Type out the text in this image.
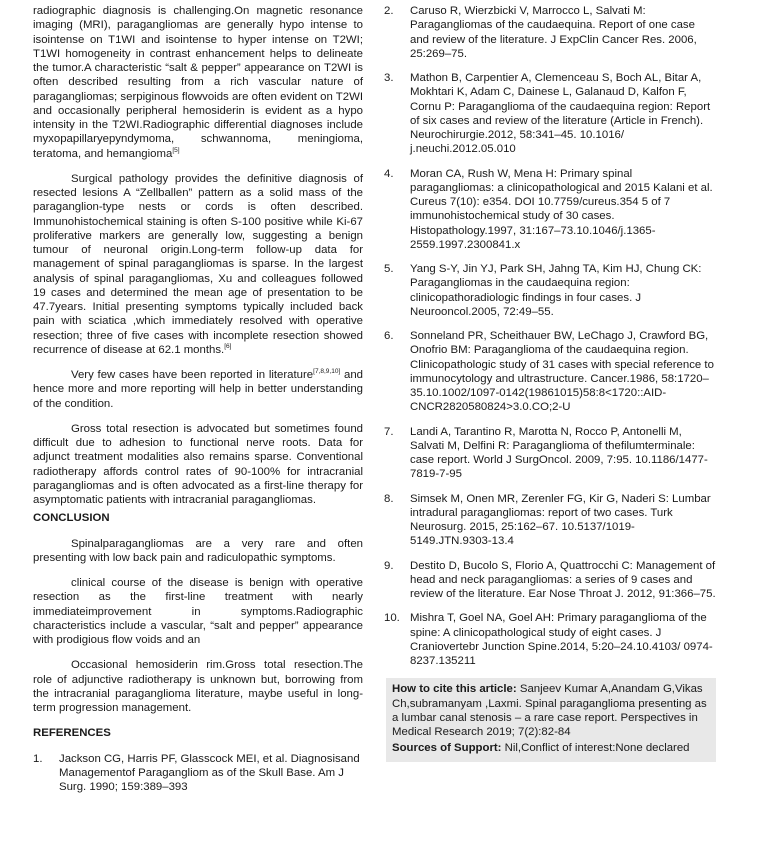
radiographic diagnosis is challenging.On magnetic resonance imaging (MRI), paragangliomas are generally hypo intense to isointense on T1WI and isointense to hyper intense on T2WI; T1WI homogeneity in contrast enhancement helps to delineate the tumor.A characteristic “salt & pepper” appearance on T2WI is often described resulting from a rich vascular nature of paragangliomas; serpiginous flowvoids are often evident on T2WI and occasionally peripheral hemosiderin is evident as a hypo intensity in the T2WI.Radiographic differential diagnoses include myxopapillaryepyndymoma, schwannoma, meningioma, teratoma, and hemangioma[5]

Surgical pathology provides the definitive diagnosis of resected lesions A “Zellballen” pattern as a solid mass of the paraganglion-type nests or cords is often described. Immunohistochemical staining is often S-100 positive while Ki-67 proliferative markers are generally low, suggesting a benign tumour of neuronal origin.Long-term follow-up data for management of spinal paragangliomas is sparse. In the largest analysis of spinal paragangliomas, Xu and colleagues followed 19 cases and determined the mean age of presentation to be 47.7years. Initial presenting symptoms typically included back pain with sciatica ,which immediately resolved with operative resection; three of five cases with incomplete resection showed recurrence of disease at 62.1 months.[6]

Very few cases have been reported in literature[7,8,9,10] and hence more and more reporting will help in better understanding of the condition.

Gross total resection is advocated but sometimes found difficult due to adhesion to functional nerve roots. Data for adjunct treatment modalities also remains sparse. Conventional radiotherapy affords control rates of 90-100% for intracranial paragangliomas and is often advocated as a first-line therapy for asymptomatic patients with intracranial paragangliomas.

CONCLUSION

Spinalparagangliomas are a very rare and often presenting with low back pain and radiculopathic symptoms.

clinical course of the disease is benign with operative resection as the first-line treatment with nearly immediateimprovement in symptoms.Radiographic characteristics include a vascular, “salt and pepper” appearance with prodigious flow voids and an

Occasional hemosiderin rim.Gross total resection.The role of adjunctive radiotherapy is unknown but, borrowing from the intracranial paraganglioma literature, maybe useful in long-term progression management.

REFERENCES

1.	Jackson CG, Harris PF, Glasscock MEI, et al. Diagnosisand Managementof Paragangliom as of the Skull Base. Am J Surg. 1990; 159:389–393
2.	Caruso R, Wierzbicki V, Marrocco L, Salvati M: Paragangliomas of the caudaequina. Report of one case and review of the literature. J ExpClin Cancer Res. 2006, 25:269–75.
3.	Mathon B, Carpentier A, Clemenceau S, Boch AL, Bitar A, Mokhtari K, Adam C, Dainese L, Galanaud D, Kalfon F, Cornu P: Paraganglioma of the caudaequina region: Report of six cases and review of the literature (Article in French). Neurochirurgie.2012, 58:341–45. 10.1016/ j.neuchi.2012.05.010
4.	Moran CA, Rush W, Mena H: Primary spinal paragangliomas: a clinicopathological and 2015 Kalani et al. Cureus 7(10): e354. DOI 10.7759/cureus.354 5 of 7 immunohistochemical study of 30 cases. Histopathology.1997, 31:167–73.10.1046/j.1365-2559.1997.2300841.x
5.	Yang S-Y, Jin YJ, Park SH, Jahng TA, Kim HJ, Chung CK: Paragangliomas in the caudaequina region: clinicopathoradiologic findings in four cases. J Neurooncol.2005, 72:49–55.
6.	Sonneland PR, Scheithauer BW, LeChago J, Crawford BG, Onofrio BM: Paraganglioma of the caudaequina region. Clinicopathologic study of 31 cases with special reference to immunocytology and ultrastructure. Cancer.1986, 58:1720–35.10.1002/1097-0142(19861015)58:8<1720::AID-CNCR2820580824>3.0.CO;2-U
7.	Landi A, Tarantino R, Marotta N, Rocco P, Antonelli M, Salvati M, Delfini R: Paraganglioma of thefilumterminale: case report. World J SurgOncol. 2009, 7:95. 10.1186/1477-7819-7-95
8.	Simsek M, Onen MR, Zerenler FG, Kir G, Naderi S: Lumbar intradural paragangliomas: report of two cases. Turk Neurosurg. 2015, 25:162–67. 10.5137/1019-5149.JTN.9303-13.4
9.	Destito D, Bucolo S, Florio A, Quattrocchi C: Management of head and neck paragangliomas: a series of 9 cases and review of the literature. Ear Nose Throat J. 2012, 91:366–75.
10. Mishra T, Goel NA, Goel AH: Primary paraganglioma of the spine: A clinicopathological study of eight cases. J Craniovertebr Junction Spine.2014, 5:20–24.10.4103/ 0974-8237.135211

How to cite this article: Sanjeev Kumar A,Anandam G,Vikas Ch,subramanyam ,Laxmi. Spinal paraganglioma presenting as a lumbar canal stenosis – a rare case report. Perspectives in Medical Research 2019; 7(2):82-84

Sources of Support: Nil,Conflict of interest:None declared
